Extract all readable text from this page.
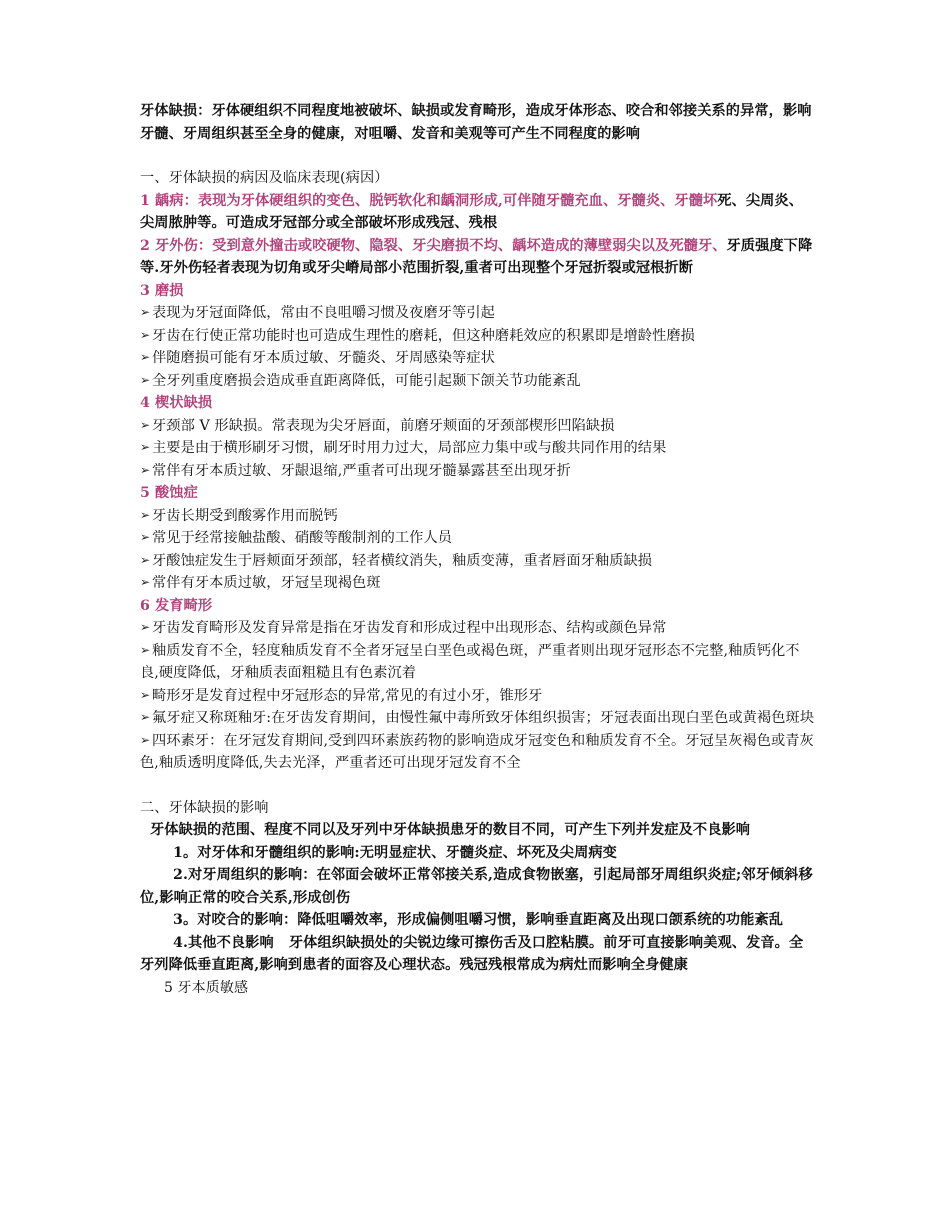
牙体缺损：牙体硬组织不同程度地被破坏、缺损或发育畸形，造成牙体形态、咬合和邻接关系的异常，影响牙髓、牙周组织甚至全身的健康，对咀嚼、发音和美观等可产生不同程度的影响

一、牙体缺损的病因及临床表现(病因）

1 龋病：表现为牙体硬组织的变色、脱钙软化和龋洞形成,可伴随牙髓充血、牙髓炎、牙髓坏死、尖周炎、尖周脓肿等。可造成牙冠部分或全部破坏形成残冠、残根

2 牙外伤：受到意外撞击或咬硬物、隐裂、牙尖磨损不均、龋坏造成的薄壁弱尖以及死髓牙、牙质强度下降等.牙外伤轻者表现为切角或牙尖嵴局部小范围折裂,重者可出现整个牙冠折裂或冠根折断

3 磨损

➢ 表现为牙冠面降低，常由不良咀嚼习惯及夜磨牙等引起

➢ 牙齿在行使正常功能时也可造成生理性的磨耗，但这种磨耗效应的积累即是增龄性磨损

➢ 伴随磨损可能有牙本质过敏、牙髓炎、牙周感染等症状

➢ 全牙列重度磨损会造成垂直距离降低，可能引起颞下颌关节功能紊乱

4 楔状缺损

➢ 牙颈部 V 形缺损。常表现为尖牙唇面，前磨牙颊面的牙颈部楔形凹陷缺损

➢ 主要是由于横形刷牙习惯，刷牙时用力过大，局部应力集中或与酸共同作用的结果

➢ 常伴有牙本质过敏、牙龈退缩,严重者可出现牙髓暴露甚至出现牙折

5 酸蚀症

➢ 牙齿长期受到酸雾作用而脱钙

➢ 常见于经常接触盐酸、硝酸等酸制剂的工作人员

➢ 牙酸蚀症发生于唇颊面牙颈部，轻者横纹消失，釉质变薄，重者唇面牙釉质缺损

➢ 常伴有牙本质过敏，牙冠呈现褐色斑

6 发育畸形

➢ 牙齿发育畸形及发育异常是指在牙齿发育和形成过程中出现形态、结构或颜色异常

➢ 釉质发育不全，轻度釉质发育不全者牙冠呈白垩色或褐色斑，严重者则出现牙冠形态不完整,釉质钙化不良,硬度降低，牙釉质表面粗糙且有色素沉着

➢ 畸形牙是发育过程中牙冠形态的异常,常见的有过小牙，锥形牙

➢ 氟牙症又称斑釉牙:在牙齿发育期间，由慢性氟中毒所致牙体组织损害；牙冠表面出现白垩色或黄褐色斑块

➢ 四环素牙：在牙冠发育期间,受到四环素族药物的影响造成牙冠变色和釉质发育不全。牙冠呈灰褐色或青灰色,釉质透明度降低,失去光泽，严重者还可出现牙冠发育不全

二、牙体缺损的影响

牙体缺损的范围、程度不同以及牙列中牙体缺损患牙的数目不同，可产生下列并发症及不良影响

1。对牙体和牙髓组织的影响:无明显症状、牙髓炎症、坏死及尖周病变

2.对牙周组织的影响：在邻面会破坏正常邻接关系,造成食物嵌塞，引起局部牙周组织炎症;邻牙倾斜移位,影响正常的咬合关系,形成创伤

3。对咬合的影响：降低咀嚼效率，形成偏侧咀嚼习惯，影响垂直距离及出现口颌系统的功能紊乱

4.其他不良影响 牙体组织缺损处的尖锐边缘可擦伤舌及口腔粘膜。前牙可直接影响美观、发音。全牙列降低垂直距离,影响到患者的面容及心理状态。残冠残根常成为病灶而影响全身健康

5 牙本质敏感
